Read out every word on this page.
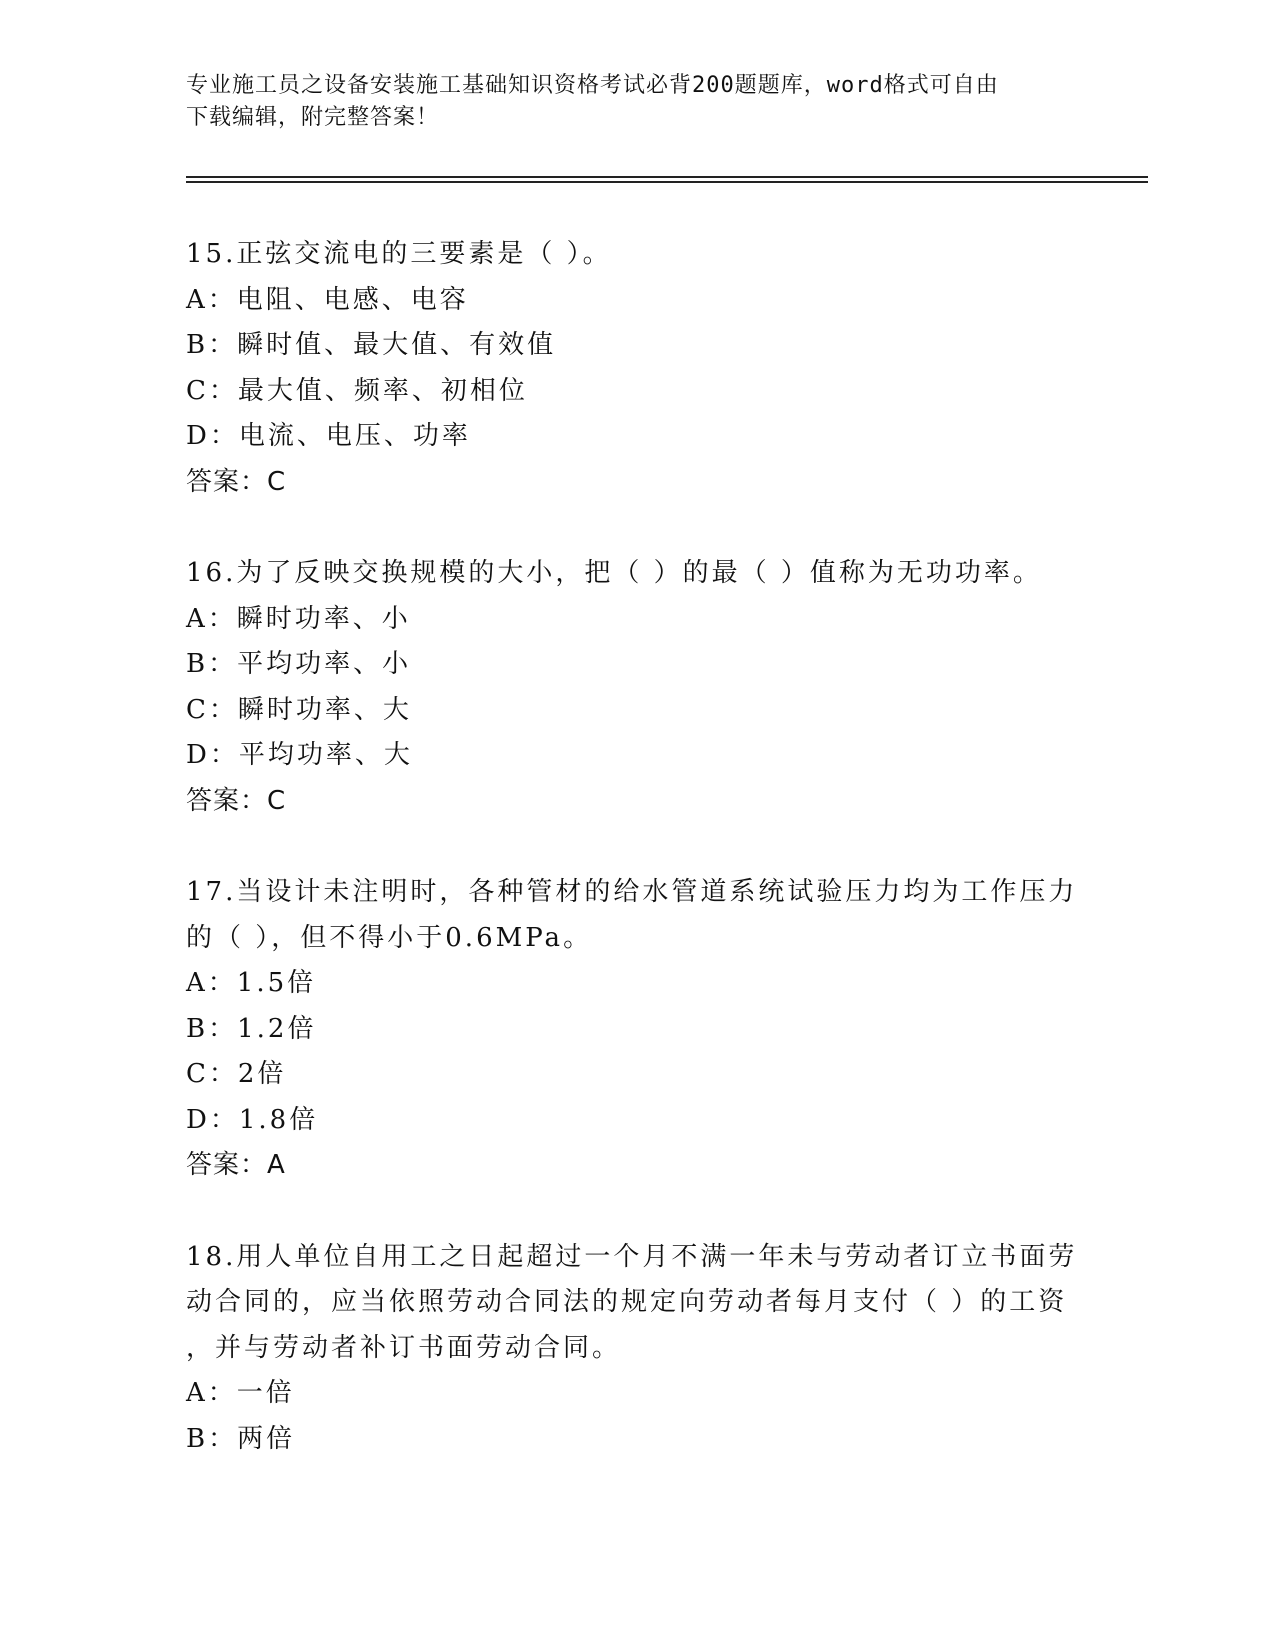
专业施工员之设备安装施工基础知识资格考试必背200题题库，word格式可自由
下载编辑，附完整答案！
15.正弦交流电的三要素是（ ）。
A：电阻、电感、电容
B：瞬时值、最大值、有效值
C：最大值、频率、初相位
D：电流、电压、功率
答案：C
16.为了反映交换规模的大小，把（ ）的最（ ）值称为无功功率。
A：瞬时功率、小
B：平均功率、小
C：瞬时功率、大
D：平均功率、大
答案：C
17.当设计未注明时，各种管材的给水管道系统试验压力均为工作压力
的（ ），但不得小于0.6MPa。
A：1.5倍
B：1.2倍
C：2倍
D：1.8倍
答案：A
18.用人单位自用工之日起超过一个月不满一年未与劳动者订立书面劳
动合同的，应当依照劳动合同法的规定向劳动者每月支付（ ）的工资
，并与劳动者补订书面劳动合同。
A：一倍
B：两倍
